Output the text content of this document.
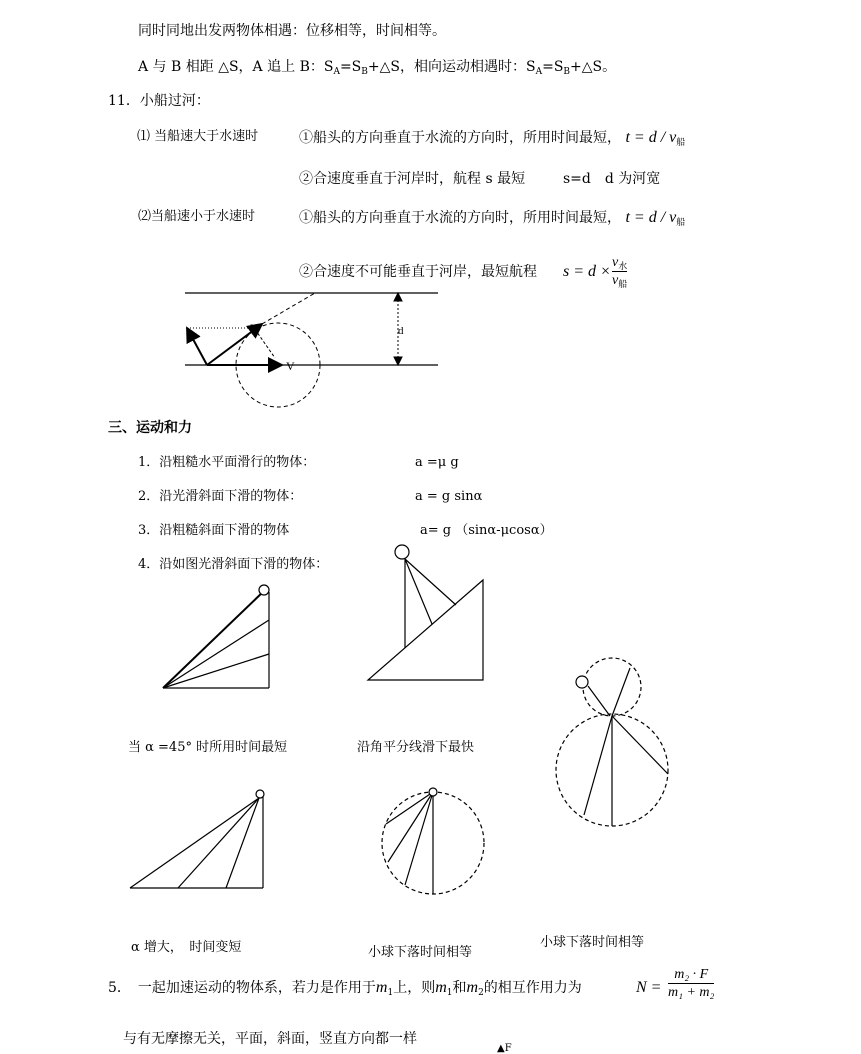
同时同地出发两物体相遇：位移相等，时间相等。
A 与 B 相距 △S，A 追上 B：$S_A=S_B+\triangle S$，相向运动相遇时：$S_A=S_B+\triangle S$。
11．小船过河：
⑴ 当船速大于水速时	①船头的方向垂直于水流的方向时，所用时间最短， $t = d / v_船$
②合速度垂直于河岸时，航程 s 最短	s=d　d 为河宽
⑵当船速小于水速时	①船头的方向垂直于水流的方向时，所用时间最短， $t = d / v_船$
②合速度不可能垂直于河岸，最短航程 s = d ×
$v_水$
$v_船$
三、运动和力
1．沿粗糙水平面滑行的物体：	a =μ g
2．沿光滑斜面下滑的物体：	a = g sinα
3．沿粗糙斜面下滑的物体	a= g （sinα-μcosα）
4．沿如图光滑斜面下滑的物体：
当 α =45° 时所用时间最短	沿角平分线滑下最快
α 增大，　时间变短	小球下落时间相等
小球下落时间相等
5．　一起加速运动的物体系，若力是作用于$m_1$上，则$m_1$和$m_2$的相互作用力为	N =
m₂ · F
m₁ + m₂
与有无摩擦无关，平面，斜面，竖直方向都一样
▲F
V
V
d
